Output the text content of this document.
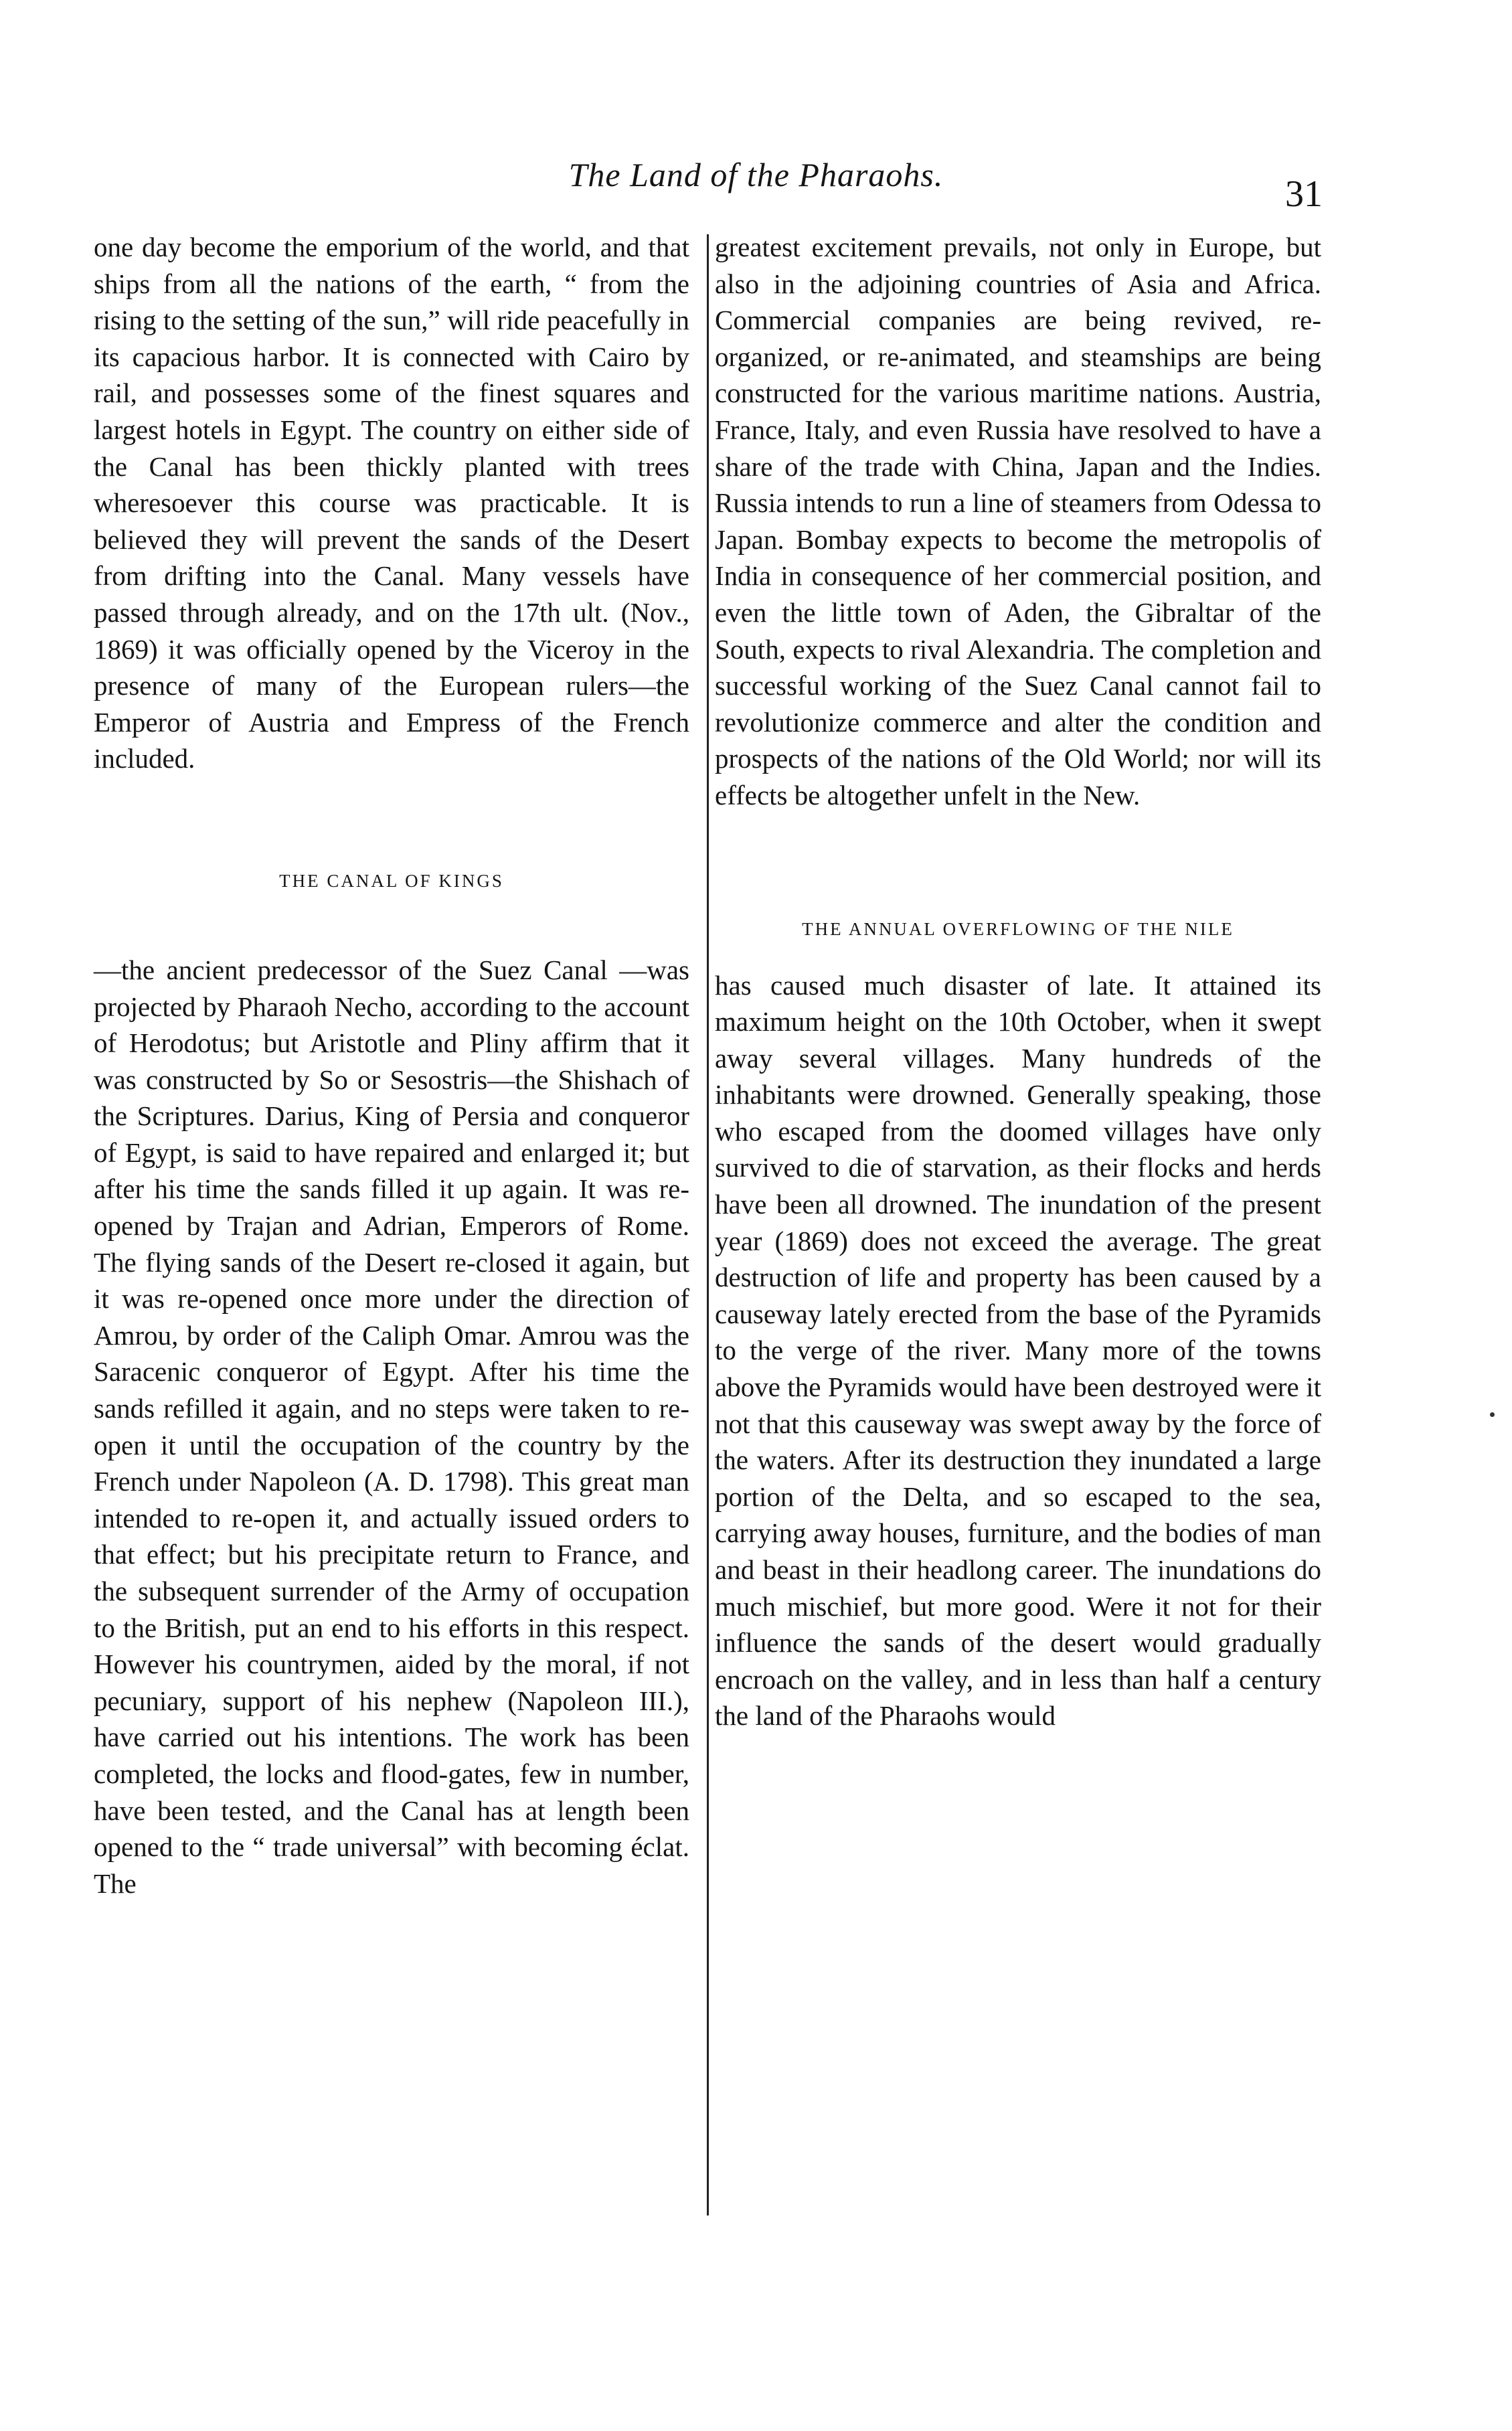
The Land of the Pharaohs.	31

one day become the emporium of the world, and that ships from all the nations of the earth, “ from the rising to the setting of the sun,” will ride peacefully in its capacious harbor. It is connected with Cairo by rail, and possesses some of the finest squares and largest hotels in Egypt. The country on either side of the Canal has been thickly planted with trees wheresoever this course was practicable. It is believed they will prevent the sands of the Desert from drifting into the Canal. Many vessels have passed through already, and on the 17th ult. (Nov., 1869) it was officially opened by the Viceroy in the presence of many of the European rulers—the Emperor of Austria and Empress of the French included.

THE CANAL OF KINGS

—the ancient predecessor of the Suez Canal —was projected by Pharaoh Necho, according to the account of Herodotus; but Aristotle and Pliny affirm that it was constructed by So or Sesostris—the Shishach of the Scriptures. Darius, King of Persia and conqueror of Egypt, is said to have repaired and enlarged it; but after his time the sands filled it up again. It was re-opened by Trajan and Adrian, Emperors of Rome. The flying sands of the Desert re-closed it again, but it was re-opened once more under the direction of Amrou, by order of the Caliph Omar. Amrou was the Saracenic conqueror of Egypt. After his time the sands refilled it again, and no steps were taken to re-open it until the occupation of the country by the French under Napoleon (A. D. 1798). This great man intended to re-open it, and actually issued orders to that effect; but his precipitate return to France, and the subsequent surrender of the Army of occupation to the British, put an end to his efforts in this respect. However his countrymen, aided by the moral, if not pecuniary, support of his nephew (Napoleon III.), have carried out his intentions. The work has been completed, the locks and flood-gates, few in number, have been tested, and the Canal has at length been opened to the “ trade universal” with becoming éclat. The

greatest excitement prevails, not only in Europe, but also in the adjoining countries of Asia and Africa. Commercial companies are being revived, re-organized, or re-animated, and steamships are being constructed for the various maritime nations. Austria, France, Italy, and even Russia have resolved to have a share of the trade with China, Japan and the Indies. Russia intends to run a line of steamers from Odessa to Japan. Bombay expects to become the metropolis of India in consequence of her commercial position, and even the little town of Aden, the Gibraltar of the South, expects to rival Alexandria. The completion and successful working of the Suez Canal cannot fail to revolutionize commerce and alter the condition and prospects of the nations of the Old World; nor will its effects be altogether unfelt in the New.

THE ANNUAL OVERFLOWING OF THE NILE

has caused much disaster of late. It attained its maximum height on the 10th October, when it swept away several villages. Many hundreds of the inhabitants were drowned. Generally speaking, those who escaped from the doomed villages have only survived to die of starvation, as their flocks and herds have been all drowned. The inundation of the present year (1869) does not exceed the average. The great destruction of life and property has been caused by a causeway lately erected from the base of the Pyramids to the verge of the river. Many more of the towns above the Pyramids would have been destroyed were it not that this causeway was swept away by the force of the waters. After its destruction they inundated a large portion of the Delta, and so escaped to the sea, carrying away houses, furniture, and the bodies of man and beast in their headlong career. The inundations do much mischief, but more good. Were it not for their influence the sands of the desert would gradually encroach on the valley, and in less than half a century the land of the Pharaohs would
